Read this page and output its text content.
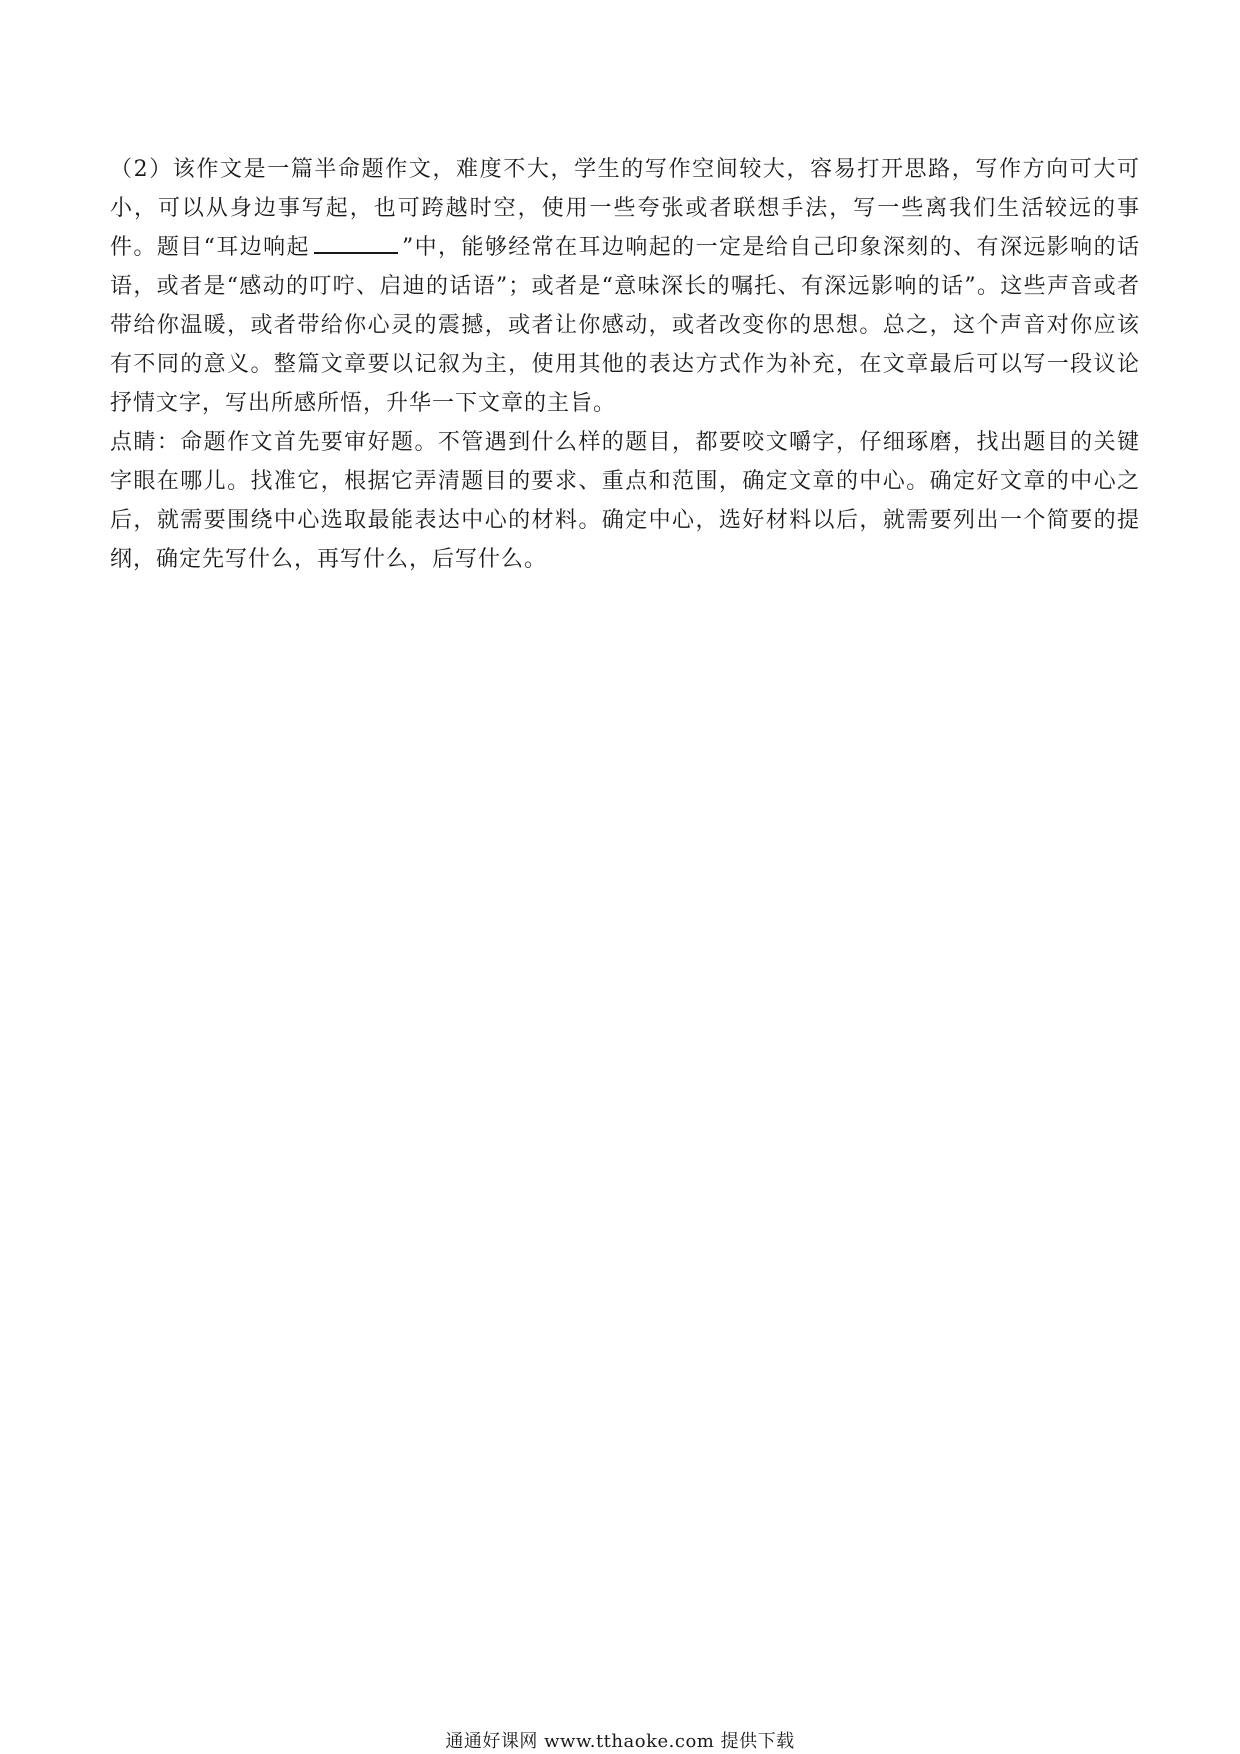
（2）该作文是一篇半命题作文，难度不大，学生的写作空间较大，容易打开思路，写作方向可大可小，可以从身边事写起，也可跨越时空，使用一些夸张或者联想手法，写一些离我们生活较远的事件。题目“耳边响起	”中，能够经常在耳边响起的一定是给自己印象深刻的、有深远影响的话语，或者是“感动的叮咛、启迪的话语”；或者是“意味深长的嘱托、有深远影响的话”。这些声音或者带给你温暖，或者带给你心灵的震撼，或者让你感动，或者改变你的思想。总之，这个声音对你应该有不同的意义。整篇文章要以记叙为主，使用其他的表达方式作为补充，在文章最后可以写一段议论抒情文字，写出所感所悟，升华一下文章的主旨。

点睛：命题作文首先要审好题。不管遇到什么样的题目，都要咬文嚼字，仔细琢磨，找出题目的关键字眼在哪儿。找准它，根据它弄清题目的要求、重点和范围，确定文章的中心。确定好文章的中心之后，就需要围绕中心选取最能表达中心的材料。确定中心，选好材料以后，就需要列出一个简要的提纲，确定先写什么，再写什么，后写什么。

通通好课网 www.tthaoke.com 提供下载
